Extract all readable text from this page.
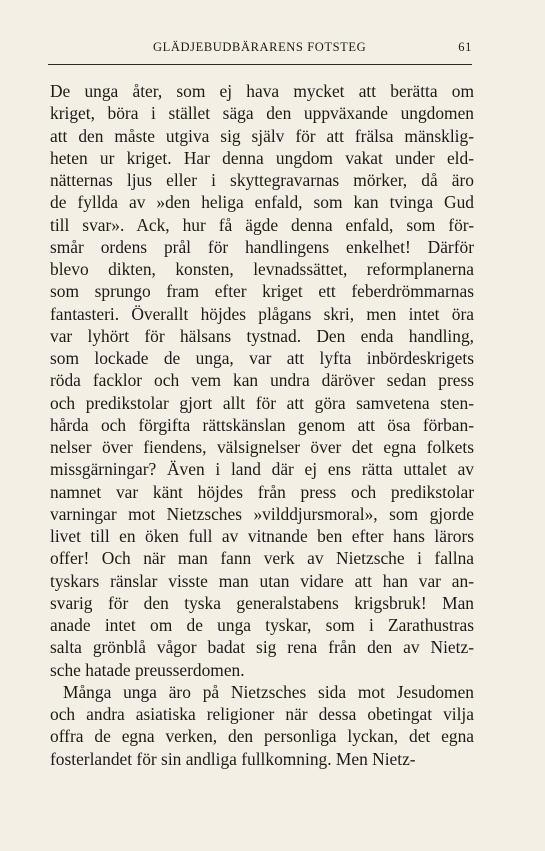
GLÄDJEBUDBÄRARENS FOTSTEG	61
De unga åter, som ej hava mycket att berätta om
kriget, böra i stället säga den uppväxande ungdomen
att den måste utgiva sig själv för att frälsa mänsklig-
heten ur kriget. Har denna ungdom vakat under eld-
nätternas ljus eller i skyttegravarnas mörker, då äro
de fyllda av »den heliga enfald, som kan tvinga Gud
till svar». Ack, hur få ägde denna enfald, som för-
smår ordens prål för handlingens enkelhet! Därför
blevo dikten, konsten, levnadssättet, reformplanerna
som sprungo fram efter kriget ett feberdrömmarnas
fantasteri. Överallt höjdes plågans skri, men intet öra
var lyhört för hälsans tystnad. Den enda handling,
som lockade de unga, var att lyfta inbördeskrigets
röda facklor och vem kan undra däröver sedan press
och predikstolar gjort allt för att göra samvetena sten-
hårda och förgifta rättskänslan genom att ösa förban-
nelser över fiendens, välsignelser över det egna folkets
missgärningar? Även i land där ej ens rätta uttalet av
namnet var känt höjdes från press och predikstolar
varningar mot Nietzsches »vilddjursmoral», som gjorde
livet till en öken full av vitnande ben efter hans lärors
offer! Och när man fann verk av Nietzsche i fallna
tyskars ränslar visste man utan vidare att han var an-
svarig för den tyska generalstabens krigsbruk! Man
anade intet om de unga tyskar, som i Zarathustras
salta grönblå vågor badat sig rena från den av Nietz-
sche hatade preusserdomen.
Många unga äro på Nietzsches sida mot Jesudomen
och andra asiatiska religioner när dessa obetingat vilja
offra de egna verken, den personliga lyckan, det egna
fosterlandet för sin andliga fullkomning. Men Nietz-
